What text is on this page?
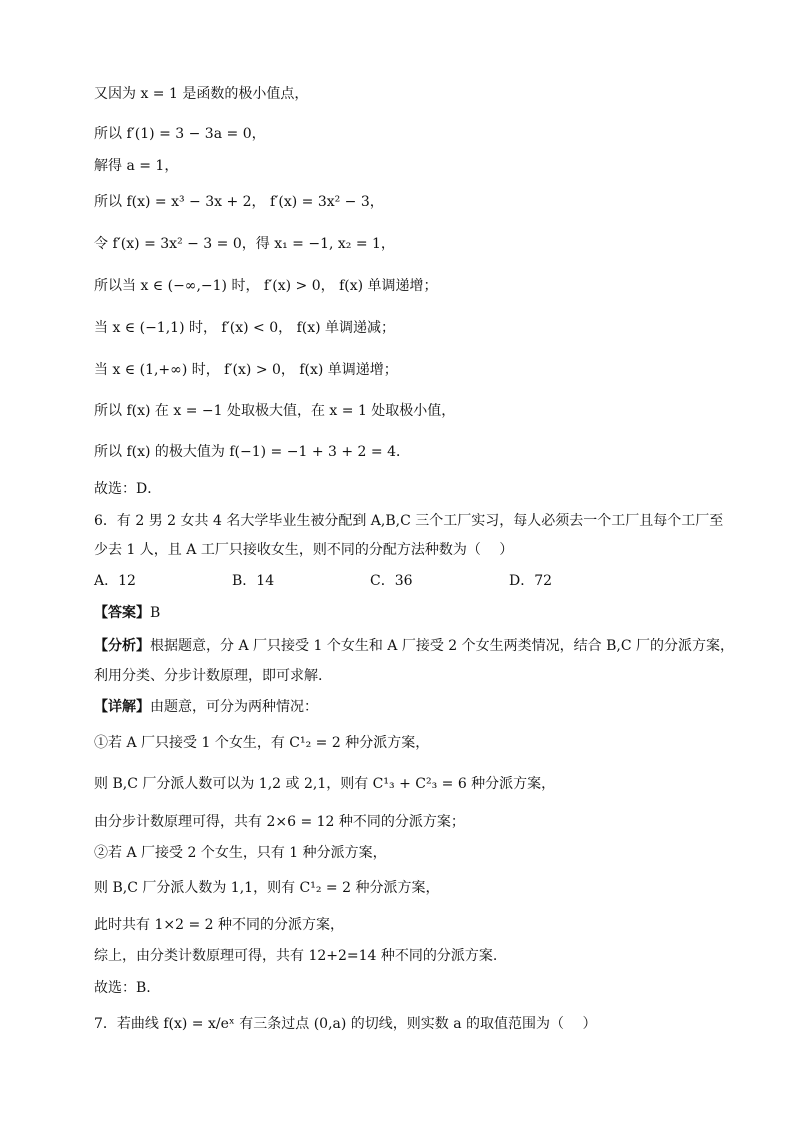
又因为 x = 1 是函数的极小值点，
所以 f′(1) = 3 − 3a = 0，
解得 a = 1，
所以 f(x) = x³ − 3x + 2， f′(x) = 3x² − 3，
令 f′(x) = 3x² − 3 = 0，得 x₁ = −1, x₂ = 1，
所以当 x ∈ (−∞,−1) 时， f′(x) > 0， f(x) 单调递增；
当 x ∈ (−1,1) 时， f′(x) < 0， f(x) 单调递减；
当 x ∈ (1,+∞) 时， f′(x) > 0， f(x) 单调递增；
所以 f(x) 在 x = −1 处取极大值，在 x = 1 处取极小值，
所以 f(x) 的极大值为 f(−1) = −1 + 3 + 2 = 4．
故选：D．
6．有 2 男 2 女共 4 名大学毕业生被分配到 A,B,C 三个工厂实习，每人必须去一个工厂且每个工厂至
少去 1 人，且 A 工厂只接收女生，则不同的分配方法种数为（　 ）
A．12	B．14	C．36	D．72
【答案】B
【分析】根据题意，分 A 厂只接受 1 个女生和 A 厂接受 2 个女生两类情况，结合 B,C 厂的分派方案，
利用分类、分步计数原理，即可求解.
【详解】由题意，可分为两种情况：
①若 A 厂只接受 1 个女生，有 C¹₂ = 2 种分派方案，
则 B,C 厂分派人数可以为 1,2 或 2,1，则有 C¹₃ + C²₃ = 6 种分派方案，
由分步计数原理可得，共有 2×6 = 12 种不同的分派方案；
②若 A 厂接受 2 个女生，只有 1 种分派方案，
则 B,C 厂分派人数为 1,1，则有 C¹₂ = 2 种分派方案，
此时共有 1×2 = 2 种不同的分派方案，
综上，由分类计数原理可得，共有 12+2=14 种不同的分派方案.
故选：B.
7．若曲线 f(x) = x/eˣ 有三条过点 (0,a) 的切线，则实数 a 的取值范围为（　 ）
